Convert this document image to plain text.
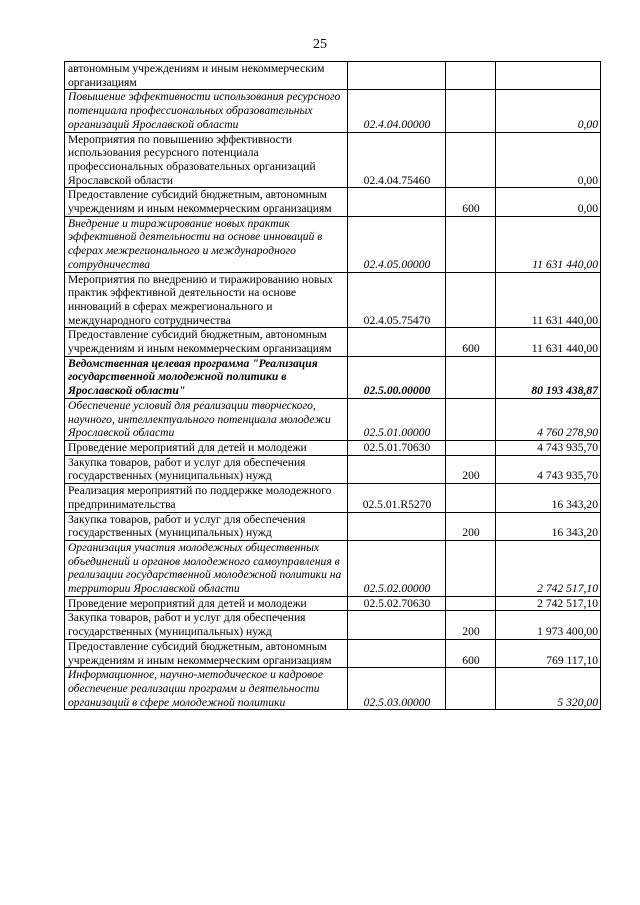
25
автономным учреждениям и иным некоммерческим организациям			
Повышение эффективности использования ресурсного потенциала профессиональных образовательных организаций Ярославской области	02.4.04.00000		0,00
Мероприятия по повышению эффективности использования ресурсного потенциала профессиональных образовательных организаций Ярославской области	02.4.04.75460		0,00
Предоставление субсидий бюджетным, автономным учреждениям и иным некоммерческим организациям		600	0,00
Внедрение и тиражирование новых практик эффективной деятельности на основе инноваций в сферах межрегионального и международного сотрудничества	02.4.05.00000		11 631 440,00
Мероприятия по внедрению и тиражированию новых практик эффективной деятельности на основе инноваций в сферах межрегионального и международного сотрудничества	02.4.05.75470		11 631 440,00
Предоставление субсидий бюджетным, автономным учреждениям и иным некоммерческим организациям		600	11 631 440,00
Ведомственная целевая программа "Реализация государственной молодежной политики в Ярославской области"	02.5.00.00000		80 193 438,87
Обеспечение условий для реализации творческого, научного, интеллектуального потенциала молодежи Ярославской области	02.5.01.00000		4 760 278,90
Проведение мероприятий для детей и молодежи	02.5.01.70630		4 743 935,70
Закупка товаров, работ и услуг для обеспечения государственных (муниципальных) нужд		200	4 743 935,70
Реализация мероприятий по поддержке молодежного предпринимательства	02.5.01.R5270		16 343,20
Закупка товаров, работ и услуг для обеспечения государственных (муниципальных) нужд		200	16 343,20
Организация участия молодежных общественных объединений и органов молодежного самоуправления в реализации государственной молодежной политики на территории Ярославской области	02.5.02.00000		2 742 517,10
Проведение мероприятий для детей и молодежи	02.5.02.70630		2 742 517,10
Закупка товаров, работ и услуг для обеспечения государственных (муниципальных) нужд		200	1 973 400,00
Предоставление субсидий бюджетным, автономным учреждениям и иным некоммерческим организациям		600	769 117,10
Информационное, научно-методическое и кадровое обеспечение реализации программ и деятельности организаций в сфере молодежной политики	02.5.03.00000		5 320,00
